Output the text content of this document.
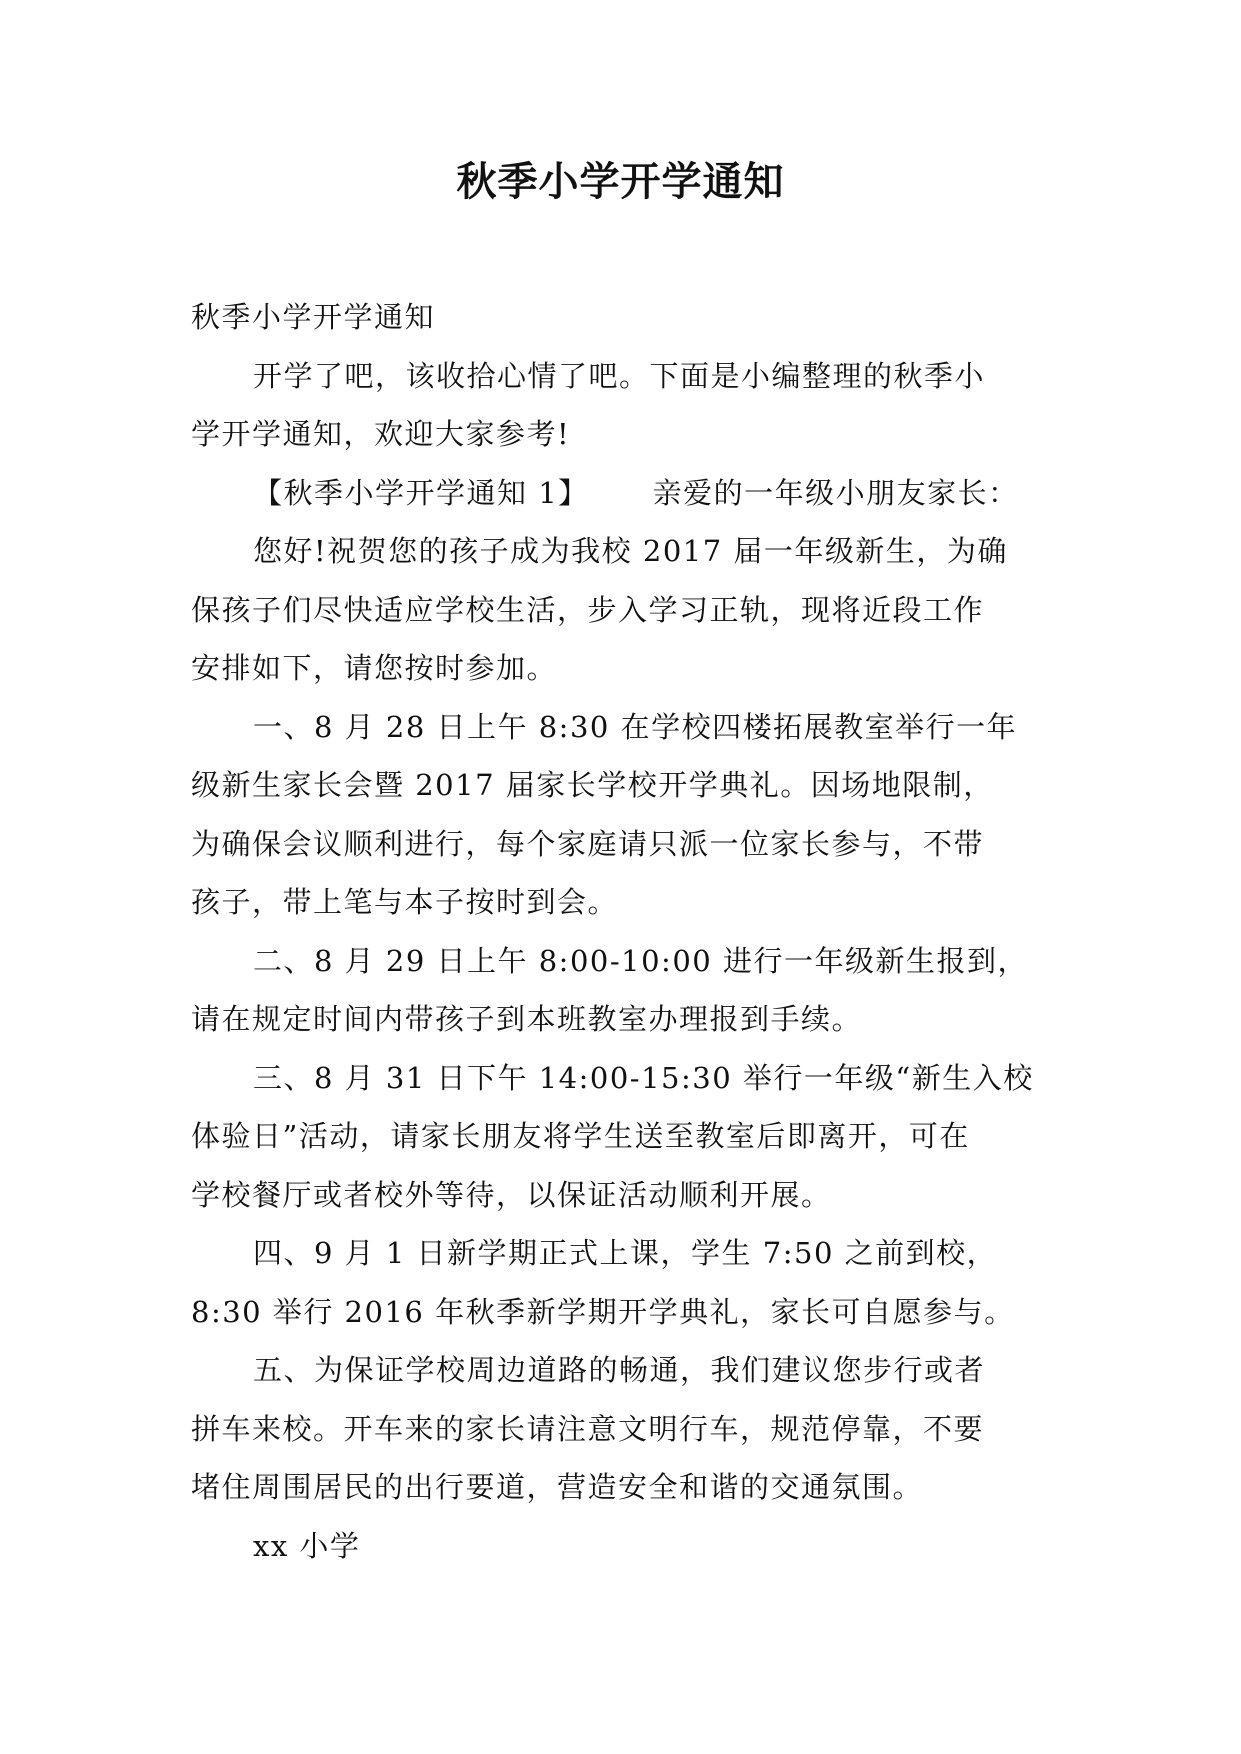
秋季小学开学通知
秋季小学开学通知
开学了吧，该收拾心情了吧。下面是小编整理的秋季小
学开学通知，欢迎大家参考!
【秋季小学开学通知 1】 亲爱的一年级小朋友家长：
您好!祝贺您的孩子成为我校 2017 届一年级新生，为确
保孩子们尽快适应学校生活，步入学习正轨，现将近段工作
安排如下，请您按时参加。
一、8 月 28 日上午 8:30 在学校四楼拓展教室举行一年
级新生家长会暨 2017 届家长学校开学典礼。因场地限制，
为确保会议顺利进行，每个家庭请只派一位家长参与，不带
孩子，带上笔与本子按时到会。
二、8 月 29 日上午 8:00-10:00 进行一年级新生报到，
请在规定时间内带孩子到本班教室办理报到手续。
三、8 月 31 日下午 14:00-15:30 举行一年级“新生入校
体验日”活动，请家长朋友将学生送至教室后即离开，可在
学校餐厅或者校外等待，以保证活动顺利开展。
四、9 月 1 日新学期正式上课，学生 7:50 之前到校，
8:30 举行 2016 年秋季新学期开学典礼，家长可自愿参与。
五、为保证学校周边道路的畅通，我们建议您步行或者
拼车来校。开车来的家长请注意文明行车，规范停靠，不要
堵住周围居民的出行要道，营造安全和谐的交通氛围。
xx 小学
